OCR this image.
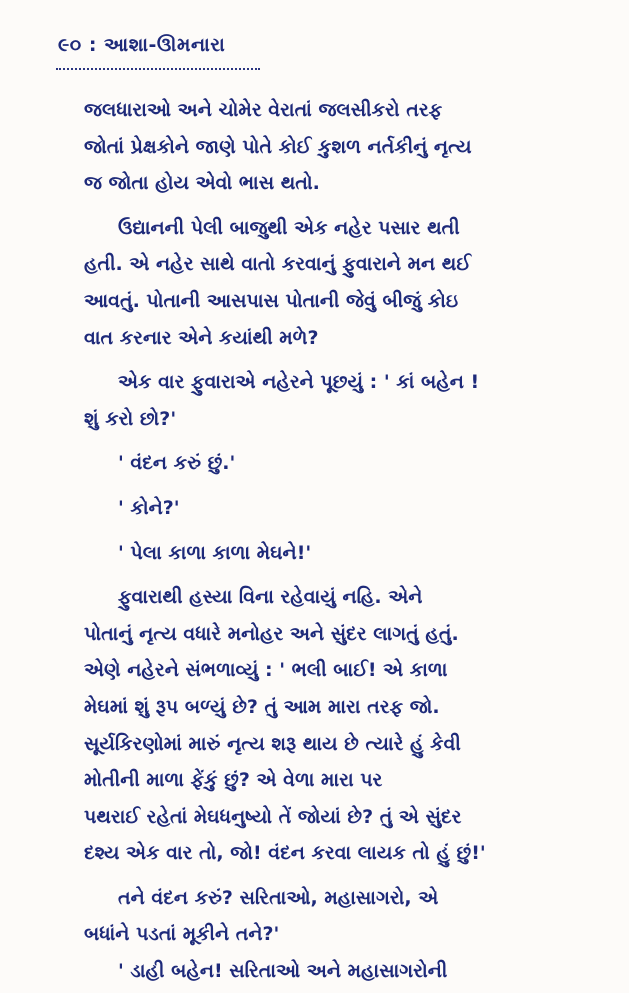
૯૦ : આશા-ઊમનારા
જલધારાઓ અને ચોમેર વેરાતાં જલસીકરો તરફ
જોતાં પ્રેક્ષકોને જાણે પોતે કોઈ કુશળ નર્તકીનું નૃત્ય
જ જોતા હોય એવો ભાસ થતો.
ઉદ્યાનની પેલી બાજુથી એક નહેર પસાર થતી
હતી. એ નહેર સાથે વાતો કરવાનું ફુવારાને મન થઈ
આવતું. પોતાની આસપાસ પોતાની જેવું બીજું કોઇ
વાત કરનાર એને કયાંથી મળે?
એક વાર ફુવારાએ નહેરને પૂછયું : ' કાં બહેન !
શું કરો છો?'
' વંદન કરું છું.'
' કોને?'
' પેલા કાળા કાળા મેઘને!'
ફુવારાથી હસ્યા વિના રહેવાયું નહિ. એને
પોતાનું નૃત્ય વધારે મનોહર અને સુંદર લાગતું હતું.
એણે નહેરને સંભળાવ્યું : ' ભલી બાઈ! એ કાળા
મેઘમાં શું રૂપ બળ્યું છે? તું આમ મારા તરફ જો.
સૂર્યકિરણોમાં મારું નૃત્ય શરૂ થાય છે ત્યારે હું કેવી
મોતીની માળા ફેંકું છું? એ વેળા મારા પર
પથરાઈ રહેતાં મેઘધનુષ્યો તેં જોયાં છે? તું એ સુંદર
દશ્ય એક વાર તો, જો! વંદન કરવા લાયક તો હું છું!'
તને વંદન કરું? સરિતાઓ, મહાસાગરો, એ
બધાંને પડતાં મૂકીને તને?'
' ડાહી બહેન! સરિતાઓ અને મહાસાગરોની
